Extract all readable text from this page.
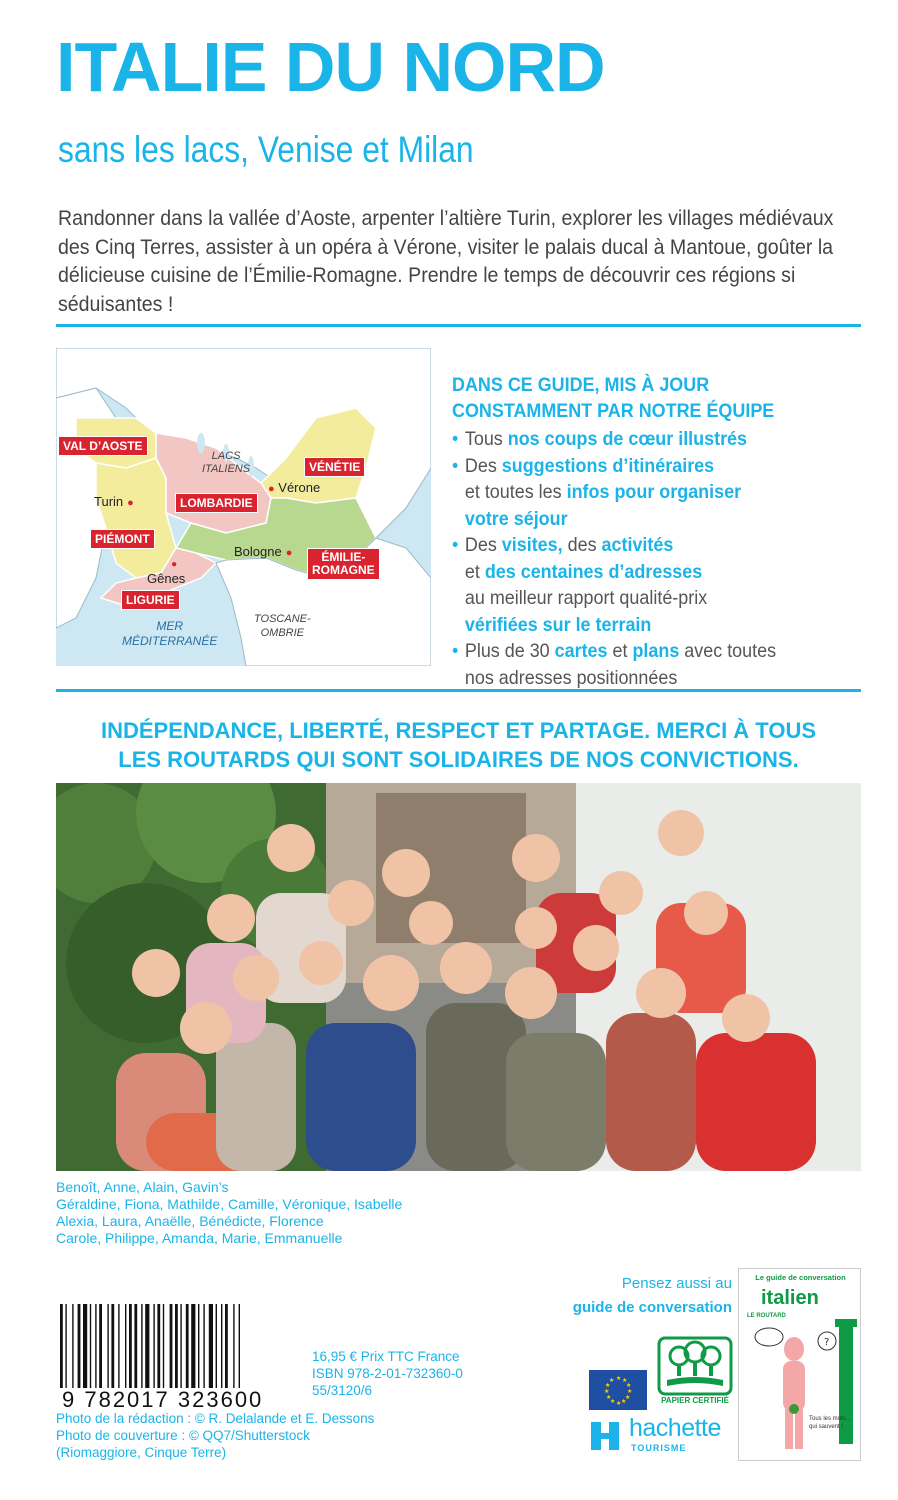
ITALIE DU NORD
sans les lacs, Venise et Milan

Randonner dans la vallée d’Aoste, arpenter l’altière Turin, explorer les villages médiévaux des Cinq Terres, assister à un opéra à Vérone, visiter le palais ducal à Mantoue, goûter la délicieuse cuisine de l’Émilie-Romagne. Prendre le temps de découvrir ces régions si séduisantes !

VAL D’AOSTE
LOMBARDIE
VÉNÉTIE
PIÉMONT
ÉMILIE-
ROMAGNE
LIGURIE
Turin ●
● Vérone
Bologne ●
●
Gênes
LACS
ITALIENS
MER
MÉDITERRANÉE
TOSCANE-
OMBRIE
DANS CE GUIDE, MIS À JOUR
CONSTAMMENT PAR NOTRE ÉQUIPE
• Tous nos coups de cœur illustrés
• Des suggestions d’itinéraires
et toutes les infos pour organiser
votre séjour
• Des visites, des activités
et des centaines d’adresses
au meilleur rapport qualité-prix
vérifiées sur le terrain
• Plus de 30 cartes et plans avec toutes
nos adresses positionnées
INDÉPENDANCE, LIBERTÉ, RESPECT ET PARTAGE. MERCI À TOUS
LES ROUTARDS QUI SONT SOLIDAIRES DE NOS CONVICTIONS.
Benoît, Anne, Alain, Gavin’s
Géraldine, Fiona, Mathilde, Camille, Véronique, Isabelle
Alexia, Laura, Anaëlle, Bénédicte, Florence
Carole, Philippe, Amanda, Marie, Emmanuelle
9 782017 323600
16,95 € Prix TTC France
ISBN 978-2-01-732360-0
55/3120/6
Photo de la rédaction : © R. Delalande et E. Dessons
Photo de couverture : © QQ7/Shutterstock
(Riomaggiore, Cinque Terre)
Pensez aussi au
guide de conversation
★ ★
★
★
★
★
★
★
★
★
★
★
PAPIER CERTIFIÉ
hachette
TOURISME
?
Le guide de conversation
italien
LE ROUTARD
Tous les mots... qui sauvent !
